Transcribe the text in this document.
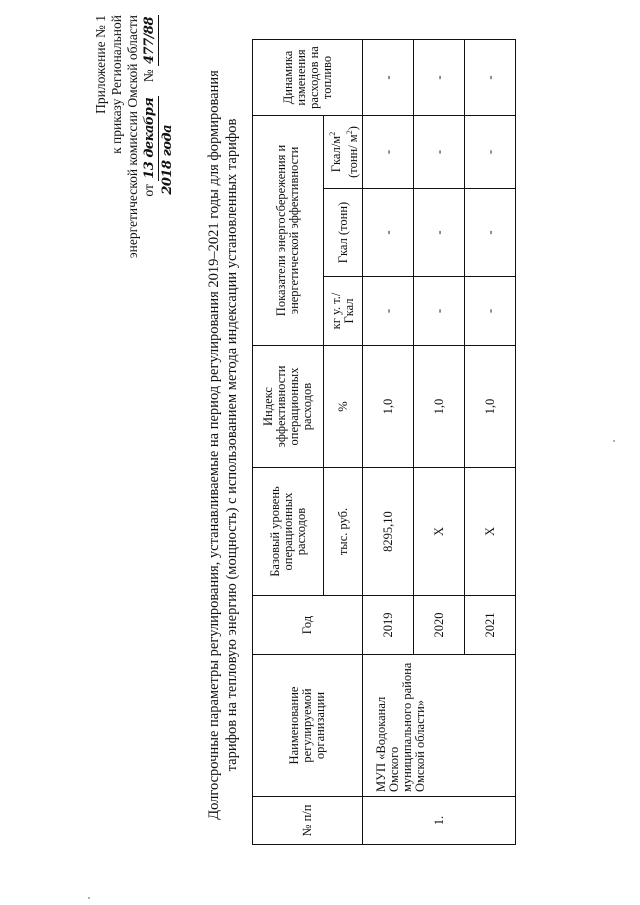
Приложение № 1 к приказу Региональной энергетической комиссии Омской области от 13 декабря    № 477/88
2018 года Долгосрочные параметры регулирования, устанавливаемые на период регулирования 2019–2021 годы для формирования тарифов на тепловую энергию (мощность) с использованием метода индексации установленных тарифов
№ п/п	Наименование регулируемой организации	Год	Базовый уровень операционных расходов	Индекс эффективности операционных расходов	Показатели энергосбережения и энергетической эффективности			Динамика изменения расходов на топливо
			тыс. руб.	%	кг у. т./ Гкал	Гкал (тонн)	Гкал/$м^2$
(тонн/ $м^2$)	
1.	МУП «Водоканал Омского муниципального района Омской области»	2019	8295,10	1,0	-	-	-	-
		2020	X	1,0	-	-	-	-
		2021	X	1,0	-	-	-	-
